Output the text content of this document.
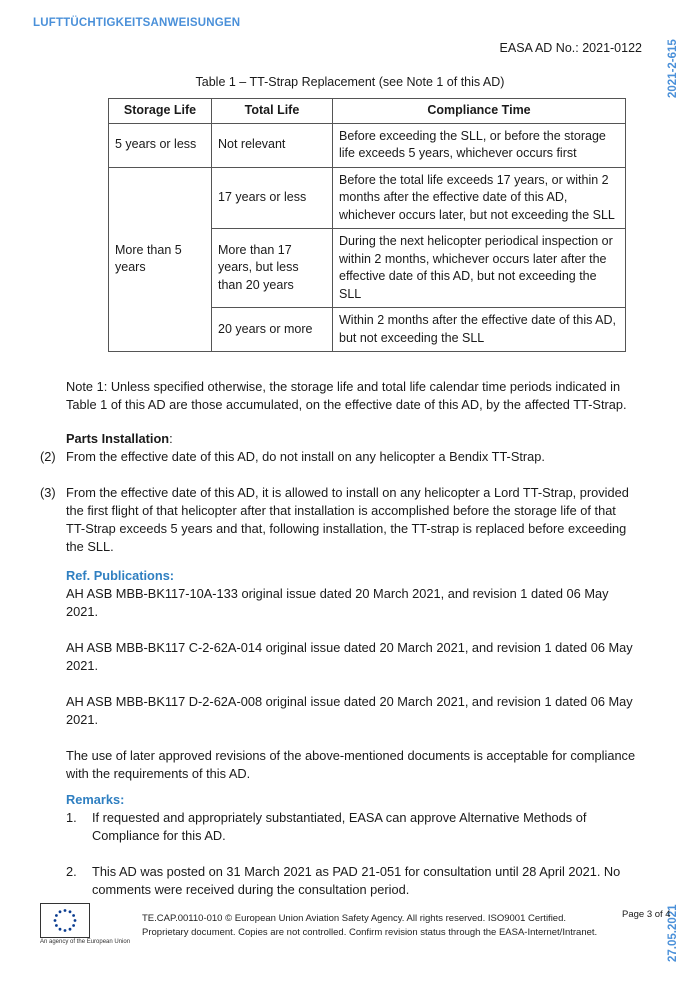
LUFTTÜCHTIGKEITSANWEISUNGEN
2021-2-615
27.05.2021
EASA AD No.: 2021-0122
Table 1 – TT-Strap Replacement (see Note 1 of this AD)
Storage Life	Total Life	Compliance Time
5 years or less	Not relevant	Before exceeding the SLL, or before the storage life exceeds 5 years, whichever occurs first
More than 5 years	17 years or less	Before the total life exceeds 17 years, or within 2 months after the effective date of this AD, whichever occurs later, but not exceeding the SLL
	More than 17 years, but less than 20 years	During the next helicopter periodical inspection or within 2 months, whichever occurs later after the effective date of this AD, but not exceeding the SLL
	20 years or more	Within 2 months after the effective date of this AD, but not exceeding the SLL

Note 1: Unless specified otherwise, the storage life and total life calendar time periods indicated in Table 1 of this AD are those accumulated, on the effective date of this AD, by the affected TT-Strap.

Parts Installation:

(2) From the effective date of this AD, do not install on any helicopter a Bendix TT-Strap.
(3) From the effective date of this AD, it is allowed to install on any helicopter a Lord TT-Strap, provided the first flight of that helicopter after that installation is accomplished before the storage life of that TT-Strap exceeds 5 years and that, following installation, the TT-strap is replaced before exceeding the SLL.

Ref. Publications:

AH ASB MBB-BK117-10A-133 original issue dated 20 March 2021, and revision 1 dated 06 May 2021.

AH ASB MBB-BK117 C-2-62A-014 original issue dated 20 March 2021, and revision 1 dated 06 May 2021.

AH ASB MBB-BK117 D-2-62A-008 original issue dated 20 March 2021, and revision 1 dated 06 May 2021.

The use of later approved revisions of the above-mentioned documents is acceptable for compliance with the requirements of this AD.

Remarks:

1.	If requested and appropriately substantiated, EASA can approve Alternative Methods of Compliance for this AD.
2.	This AD was posted on 31 March 2021 as PAD 21-051 for consultation until 28 April 2021. No comments were received during the consultation period.
An agency of the European Union
TE.CAP.00110-010 © European Union Aviation Safety Agency. All rights reserved. ISO9001 Certified.
Proprietary document. Copies are not controlled. Confirm revision status through the EASA-Internet/Intranet.
Page 3 of 4
